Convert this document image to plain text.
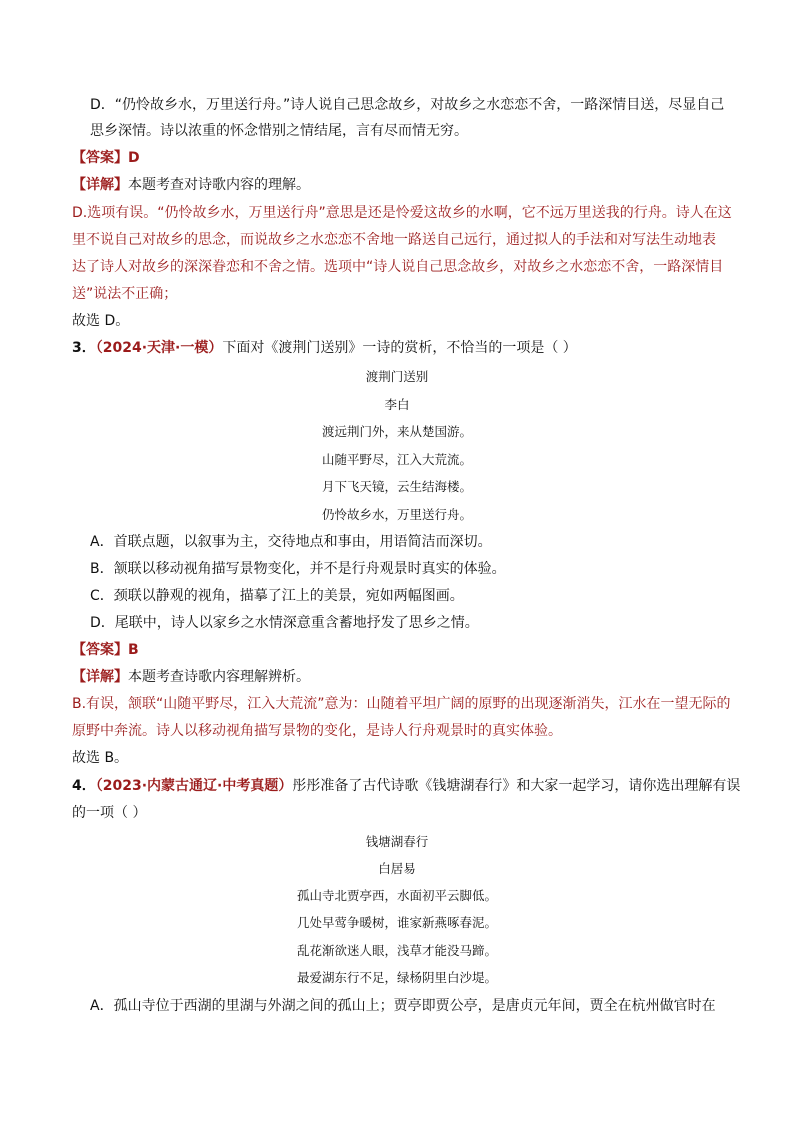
D．“仍怜故乡水，万里送行舟。”诗人说自己思念故乡，对故乡之水恋恋不舍，一路深情目送，尽显自己
思乡深情。诗以浓重的怀念惜别之情结尾，言有尽而情无穷。
【答案】D
【详解】本题考查对诗歌内容的理解。
D.选项有误。“仍怜故乡水，万里送行舟”意思是还是怜爱这故乡的水啊，它不远万里送我的行舟。诗人在这
里不说自己对故乡的思念，而说故乡之水恋恋不舍地一路送自己远行，通过拟人的手法和对写法生动地表
达了诗人对故乡的深深眷恋和不舍之情。选项中“诗人说自己思念故乡，对故乡之水恋恋不舍，一路深情目
送”说法不正确；
故选 D。
3．（2024·天津·一模）下面对《渡荆门送别》一诗的赏析，不恰当的一项是（ ）
渡荆门送别
李白
渡远荆门外，来从楚国游。
山随平野尽，江入大荒流。
月下飞天镜，云生结海楼。
仍怜故乡水，万里送行舟。
A．首联点题，以叙事为主，交待地点和事由，用语简洁而深切。
B．颔联以移动视角描写景物变化，并不是行舟观景时真实的体验。
C．颈联以静观的视角，描摹了江上的美景，宛如两幅图画。
D．尾联中，诗人以家乡之水情深意重含蓄地抒发了思乡之情。
【答案】B
【详解】本题考查诗歌内容理解辨析。
B.有误，颔联“山随平野尽，江入大荒流”意为：山随着平坦广阔的原野的出现逐渐消失，江水在一望无际的
原野中奔流。诗人以移动视角描写景物的变化，是诗人行舟观景时的真实体验。
故选 B。
4．（2023·内蒙古通辽·中考真题）彤彤准备了古代诗歌《钱塘湖春行》和大家一起学习，请你选出理解有误
的一项（ ）
钱塘湖春行
白居易
孤山寺北贾亭西，水面初平云脚低。
几处早莺争暖树，谁家新燕啄春泥。
乱花渐欲迷人眼，浅草才能没马蹄。
最爱湖东行不足，绿杨阴里白沙堤。
A．孤山寺位于西湖的里湖与外湖之间的孤山上；贾亭即贾公亭，是唐贞元年间，贾全在杭州做官时在
